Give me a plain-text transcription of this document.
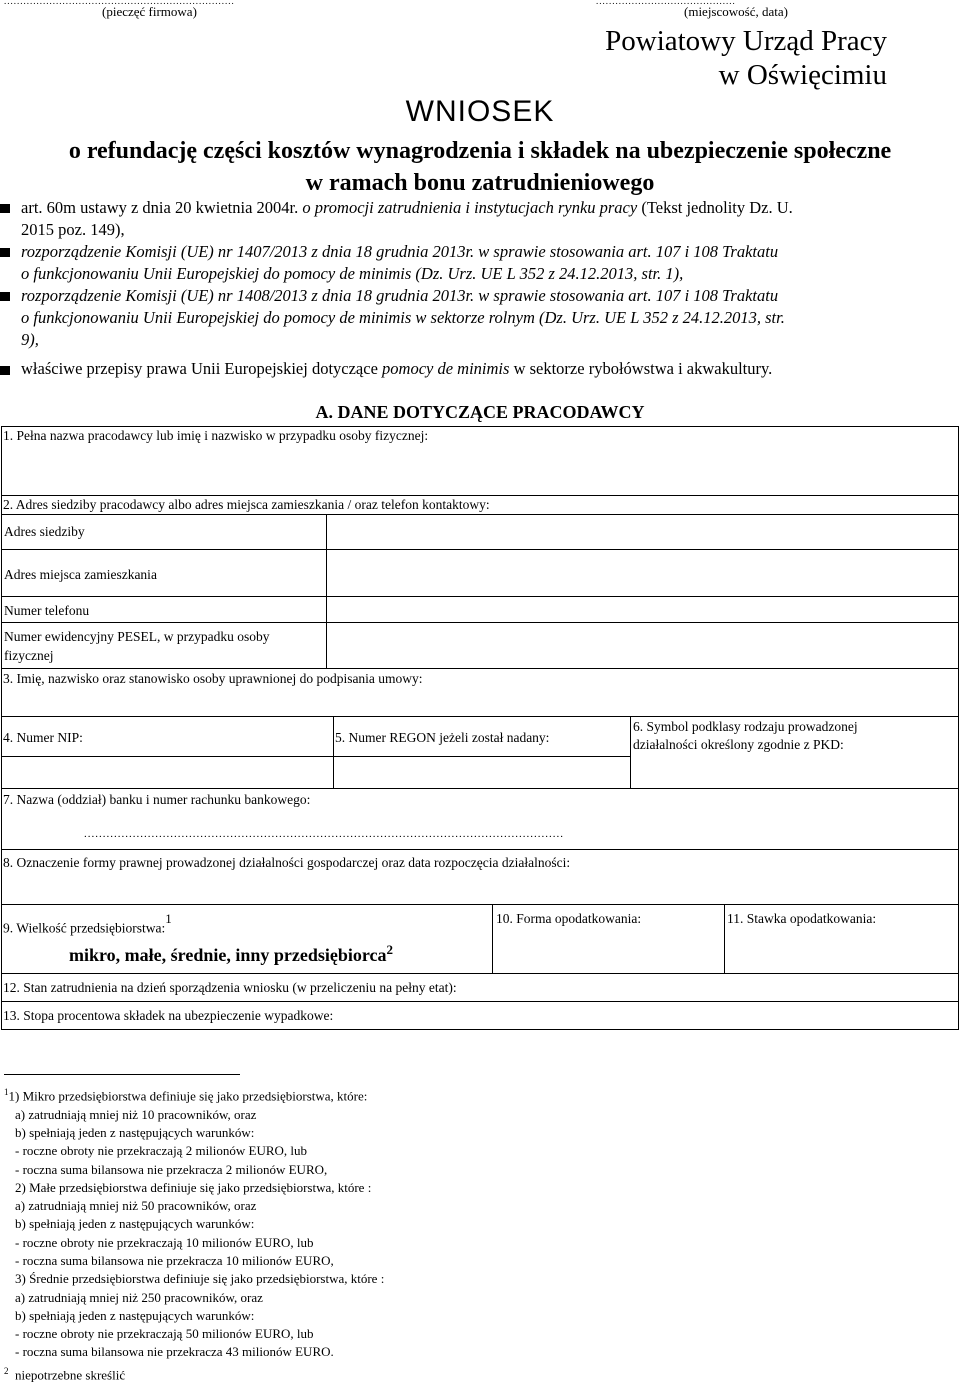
.......................................................................
(pieczęć firmowa)
...........................................
(miejscowość, data)
Powiatowy Urząd Pracy
w Oświęcimiu
WNIOSEK
o refundację części kosztów wynagrodzenia i składek na ubezpieczenie społeczne
w ramach bonu zatrudnieniowego
art. 60m ustawy z dnia 20 kwietnia 2004r. o promocji zatrudnienia i instytucjach rynku pracy (Tekst jednolity Dz. U.
2015 poz. 149),
rozporządzenie Komisji (UE) nr 1407/2013 z dnia 18 grudnia 2013r. w sprawie stosowania art. 107 i 108 Traktatu
o funkcjonowaniu Unii Europejskiej do pomocy de minimis (Dz. Urz. UE L 352 z 24.12.2013, str. 1),
rozporządzenie Komisji (UE) nr 1408/2013 z dnia 18 grudnia 2013r. w sprawie stosowania art. 107 i 108 Traktatu
o funkcjonowaniu Unii Europejskiej do pomocy de minimis w sektorze rolnym (Dz. Urz. UE L 352 z 24.12.2013, str.
9),
właściwe przepisy prawa Unii Europejskiej dotyczące pomocy de minimis w sektorze rybołówstwa i akwakultury.
A. DANE DOTYCZĄCE PRACODAWCY
1. Pełna nazwa pracodawcy lub imię i nazwisko w przypadku osoby fizycznej:
2. Adres siedziby pracodawcy albo adres miejsca zamieszkania / oraz telefon kontaktowy:
Adres siedziby
Adres miejsca zamieszkania
Numer telefonu
Numer ewidencyjny PESEL, w przypadku osoby
fizycznej
3. Imię, nazwisko oraz stanowisko osoby uprawnionej do podpisania umowy:
4. Numer NIP:	5. Numer REGON jeżeli został nadany:
6. Symbol podklasy rodzaju prowadzonej
działalności określony zgodnie z PKD:
7. Nazwa (oddział) banku i numer rachunku bankowego:
................................................................................................................................
8. Oznaczenie formy prawnej prowadzonej działalności gospodarczej oraz data rozpoczęcia działalności:
9. Wielkość przedsiębiorstwa:$^1$
mikro, małe, średnie, inny przedsiębiorca$^2$
10. Forma opodatkowania:	11. Stawka opodatkowania:
12. Stan zatrudnienia na dzień sporządzenia wniosku (w przeliczeniu na pełny etat):
13. Stopa procentowa składek na ubezpieczenie wypadkowe:
$^1$1) Mikro przedsiębiorstwa definiuje się jako przedsiębiorstwa, które:
a) zatrudniają mniej niż 10 pracowników, oraz
b) spełniają jeden z następujących warunków:
- roczne obroty nie przekraczają 2 milionów EURO, lub
- roczna suma bilansowa nie przekracza 2 milionów EURO,
2) Małe przedsiębiorstwa definiuje się jako przedsiębiorstwa, które :
a) zatrudniają mniej niż 50 pracowników, oraz
b) spełniają jeden z następujących warunków:
- roczne obroty nie przekraczają 10 milionów EURO, lub
- roczna suma bilansowa nie przekracza 10 milionów EURO,
3) Średnie przedsiębiorstwa definiuje się jako przedsiębiorstwa, które :
a) zatrudniają mniej niż 250 pracowników, oraz
b) spełniają jeden z następujących warunków:
- roczne obroty nie przekraczają 50 milionów EURO, lub
- roczna suma bilansowa nie przekracza 43 milionów EURO.
$^2$ niepotrzebne skreślić
